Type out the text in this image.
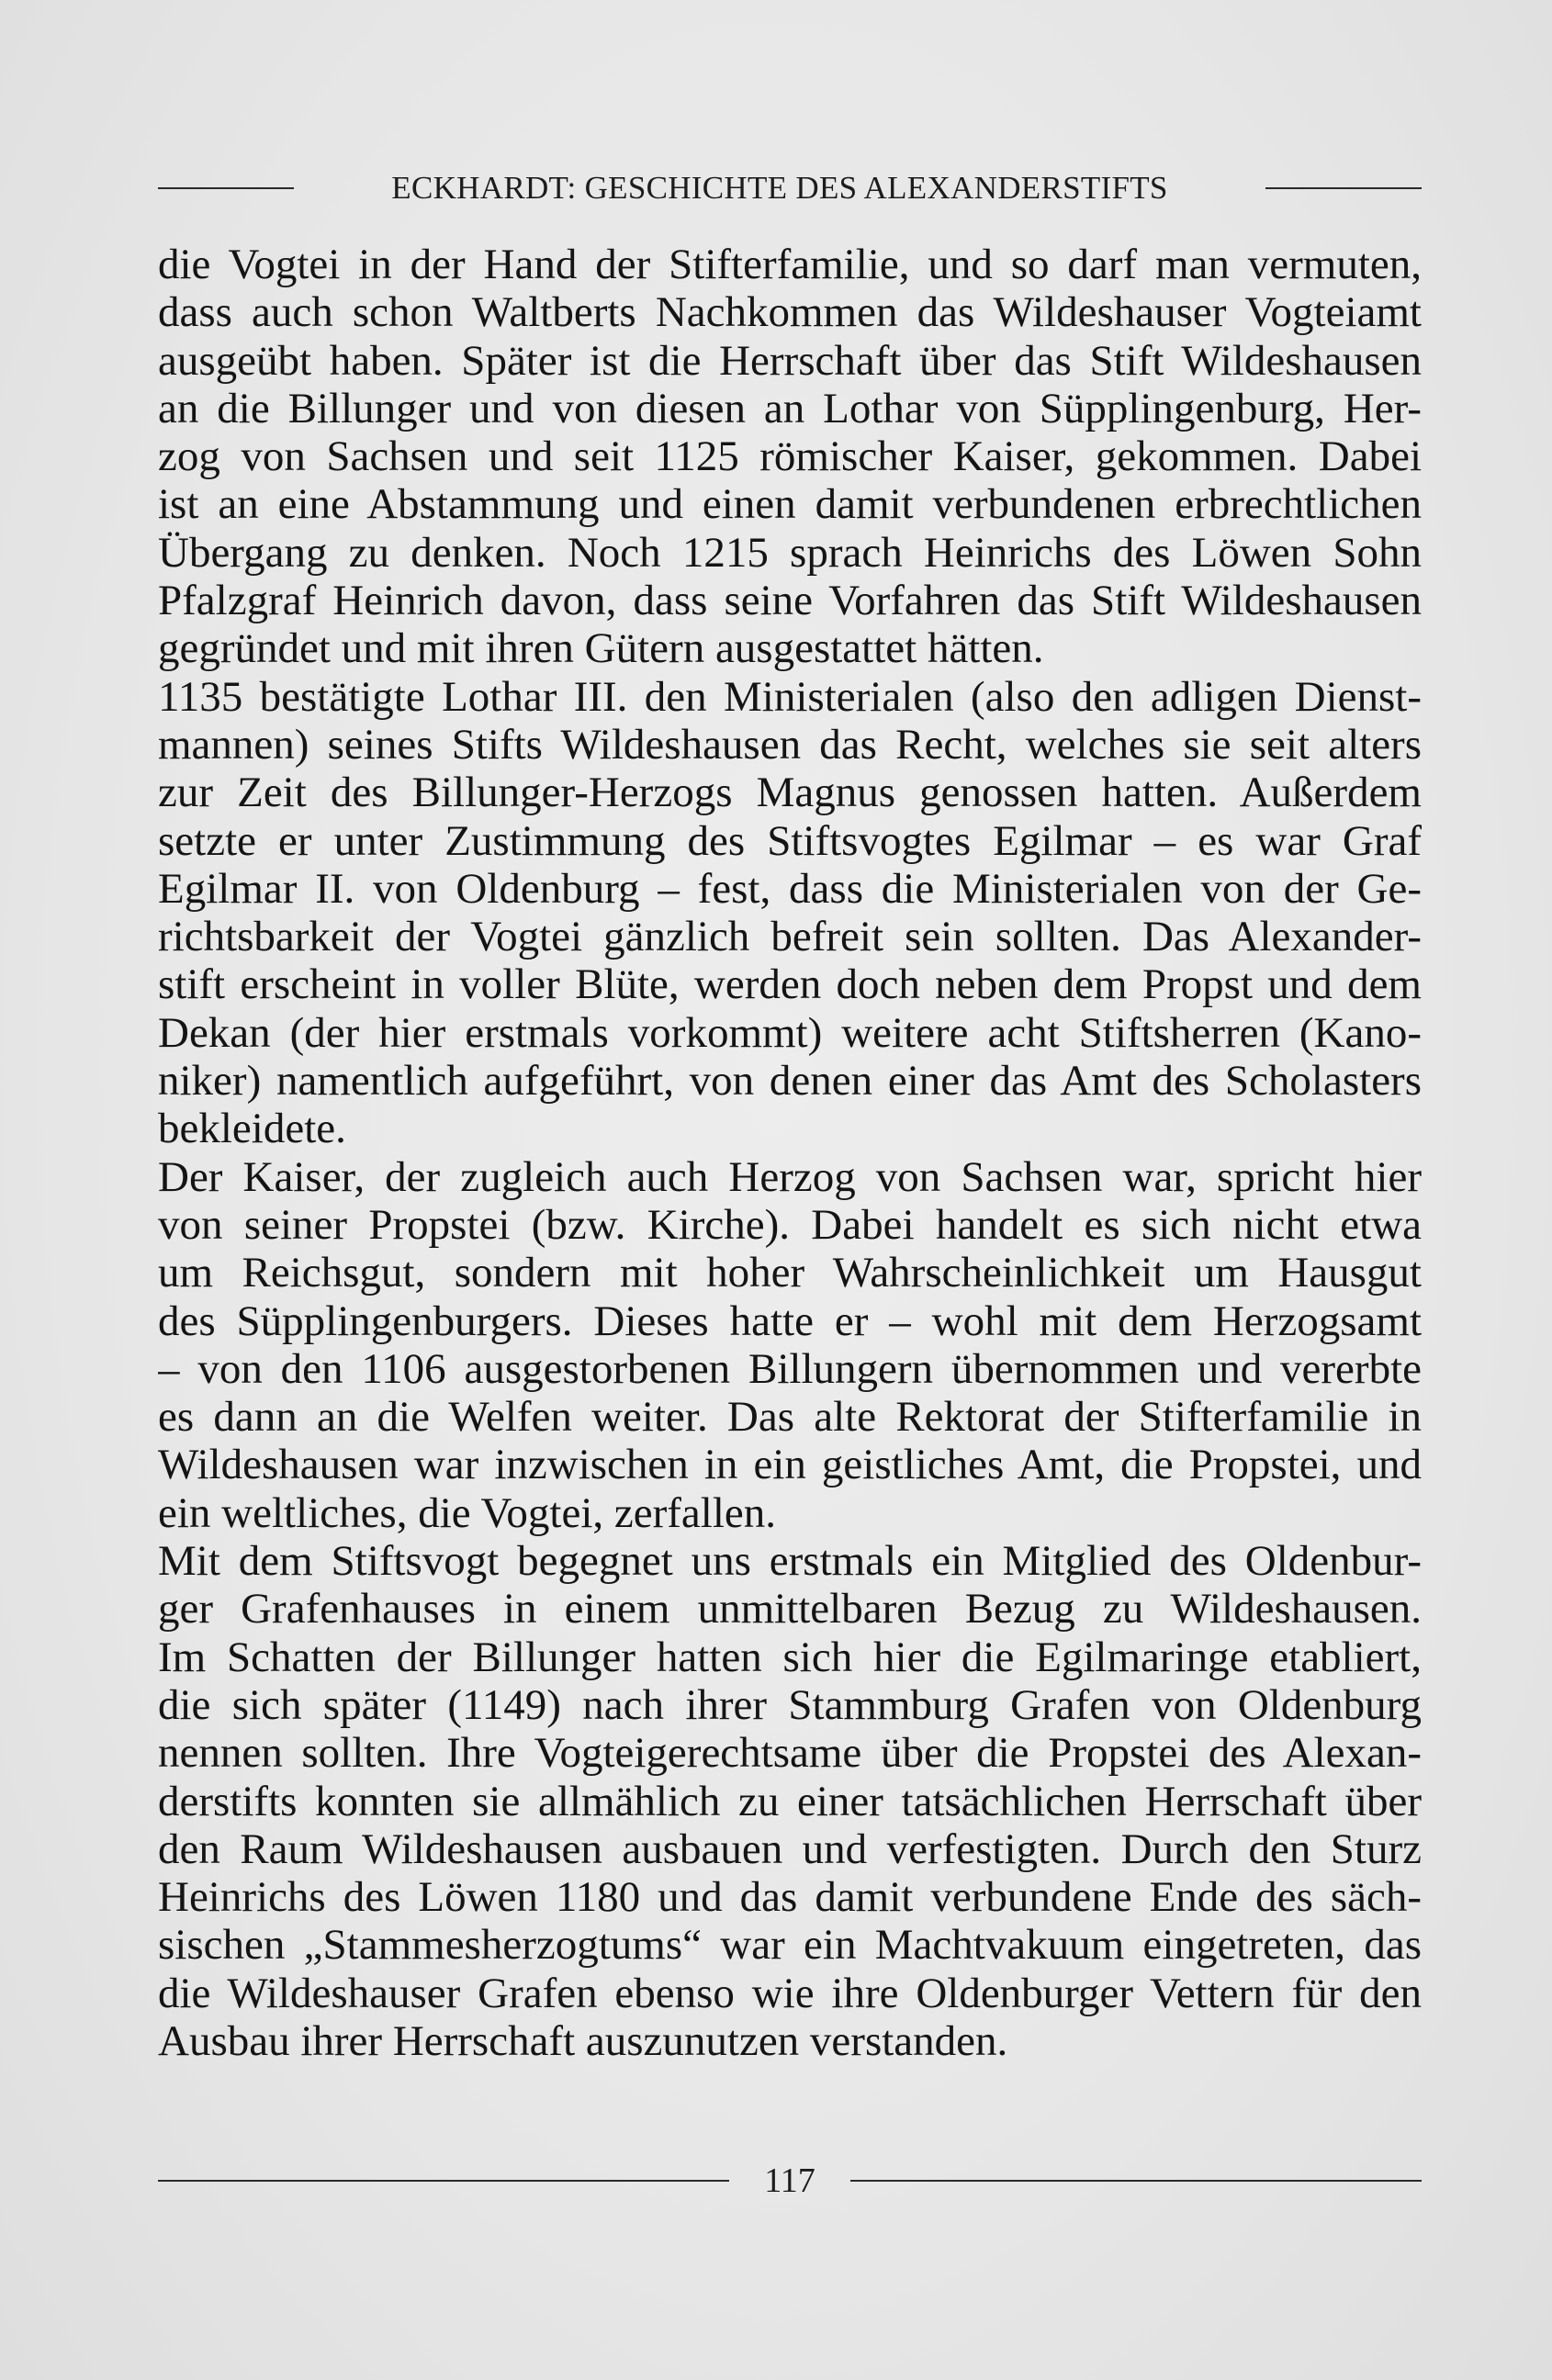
ECKHARDT: GESCHICHTE DES ALEXANDERSTIFTS
die Vogtei in der Hand der Stifterfamilie, und so darf man vermuten,
dass auch schon Waltberts Nachkommen das Wildeshauser Vogteiamt
ausgeübt haben. Später ist die Herrschaft über das Stift Wildeshausen
an die Billunger und von diesen an Lothar von Süpplingenburg, Her-
zog von Sachsen und seit 1125 römischer Kaiser, gekommen. Dabei
ist an eine Abstammung und einen damit verbundenen erbrechtlichen
Übergang zu denken. Noch 1215 sprach Heinrichs des Löwen Sohn
Pfalzgraf Heinrich davon, dass seine Vorfahren das Stift Wildeshausen
gegründet und mit ihren Gütern ausgestattet hätten.
1135 bestätigte Lothar III. den Ministerialen (also den adligen Dienst-
mannen) seines Stifts Wildeshausen das Recht, welches sie seit alters
zur Zeit des Billunger-Herzogs Magnus genossen hatten. Außerdem
setzte er unter Zustimmung des Stiftsvogtes Egilmar – es war Graf
Egilmar II. von Oldenburg – fest, dass die Ministerialen von der Ge-
richtsbarkeit der Vogtei gänzlich befreit sein sollten. Das Alexander-
stift erscheint in voller Blüte, werden doch neben dem Propst und dem
Dekan (der hier erstmals vorkommt) weitere acht Stiftsherren (Kano-
niker) namentlich aufgeführt, von denen einer das Amt des Scholasters
bekleidete.
Der Kaiser, der zugleich auch Herzog von Sachsen war, spricht hier
von seiner Propstei (bzw. Kirche). Dabei handelt es sich nicht etwa
um Reichsgut, sondern mit hoher Wahrscheinlichkeit um Hausgut
des Süpplingenburgers. Dieses hatte er – wohl mit dem Herzogsamt
– von den 1106 ausgestorbenen Billungern übernommen und vererbte
es dann an die Welfen weiter. Das alte Rektorat der Stifterfamilie in
Wildeshausen war inzwischen in ein geistliches Amt, die Propstei, und
ein weltliches, die Vogtei, zerfallen.
Mit dem Stiftsvogt begegnet uns erstmals ein Mitglied des Oldenbur-
ger Grafenhauses in einem unmittelbaren Bezug zu Wildeshausen.
Im Schatten der Billunger hatten sich hier die Egilmaringe etabliert,
die sich später (1149) nach ihrer Stammburg Grafen von Oldenburg
nennen sollten. Ihre Vogteigerechtsame über die Propstei des Alexan-
derstifts konnten sie allmählich zu einer tatsächlichen Herrschaft über
den Raum Wildeshausen ausbauen und verfestigten. Durch den Sturz
Heinrichs des Löwen 1180 und das damit verbundene Ende des säch-
sischen „Stammesherzogtums“ war ein Machtvakuum eingetreten, das
die Wildeshauser Grafen ebenso wie ihre Oldenburger Vettern für den
Ausbau ihrer Herrschaft auszunutzen verstanden.
117
